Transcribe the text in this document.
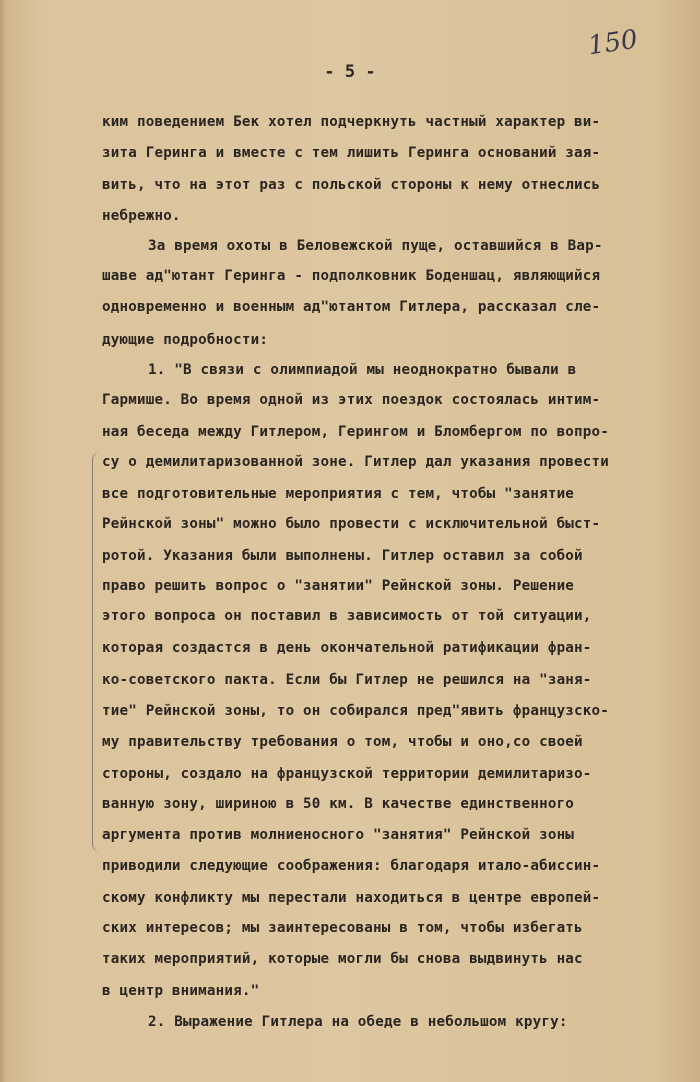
150
- 5 -
ким поведением Бек хотел подчеркнуть частный характер ви-
зита Геринга и вместе с тем лишить Геринга оснований зая-
вить, что на этот раз с польской стороны к нему отнеслись
небрежно.
За время охоты в Беловежской пуще, оставшийся в Вар-
шаве ад"ютант Геринга - подполковник Боденшац, являющийся
одновременно и военным ад"ютантом Гитлера, рассказал сле-
дующие подробности:
1. "В связи с олимпиадой мы неоднократно бывали в
Гармише. Во время одной из этих поездок состоялась интим-
ная беседа между Гитлером, Герингом и Бломбергом по вопро-
су о демилитаризованной зоне. Гитлер дал указания провести
все подготовительные мероприятия с тем, чтобы "занятие
Рейнской зоны" можно было провести с исключительной быст-
ротой. Указания были выполнены. Гитлер оставил за собой
право решить вопрос о "занятии" Рейнской зоны. Решение
этого вопроса он поставил в зависимость от той ситуации,
которая создастся в день окончательной ратификации фран-
ко-советского пакта. Если бы Гитлер не решился на "заня-
тие" Рейнской зоны, то он собирался пред"явить французско-
му правительству требования о том, чтобы и оно,со своей
стороны, создало на французской территории демилитаризо-
ванную зону, шириною в 50 км. В качестве единственного
аргумента против молниеносного "занятия" Рейнской зоны
приводили следующие соображения: благодаря итало-абиссин-
скому конфликту мы перестали находиться в центре европей-
ских интересов; мы заинтересованы в том, чтобы избегать
таких мероприятий, которые могли бы снова выдвинуть нас
в центр внимания."
2. Выражение Гитлера на обеде в небольшом кругу:
